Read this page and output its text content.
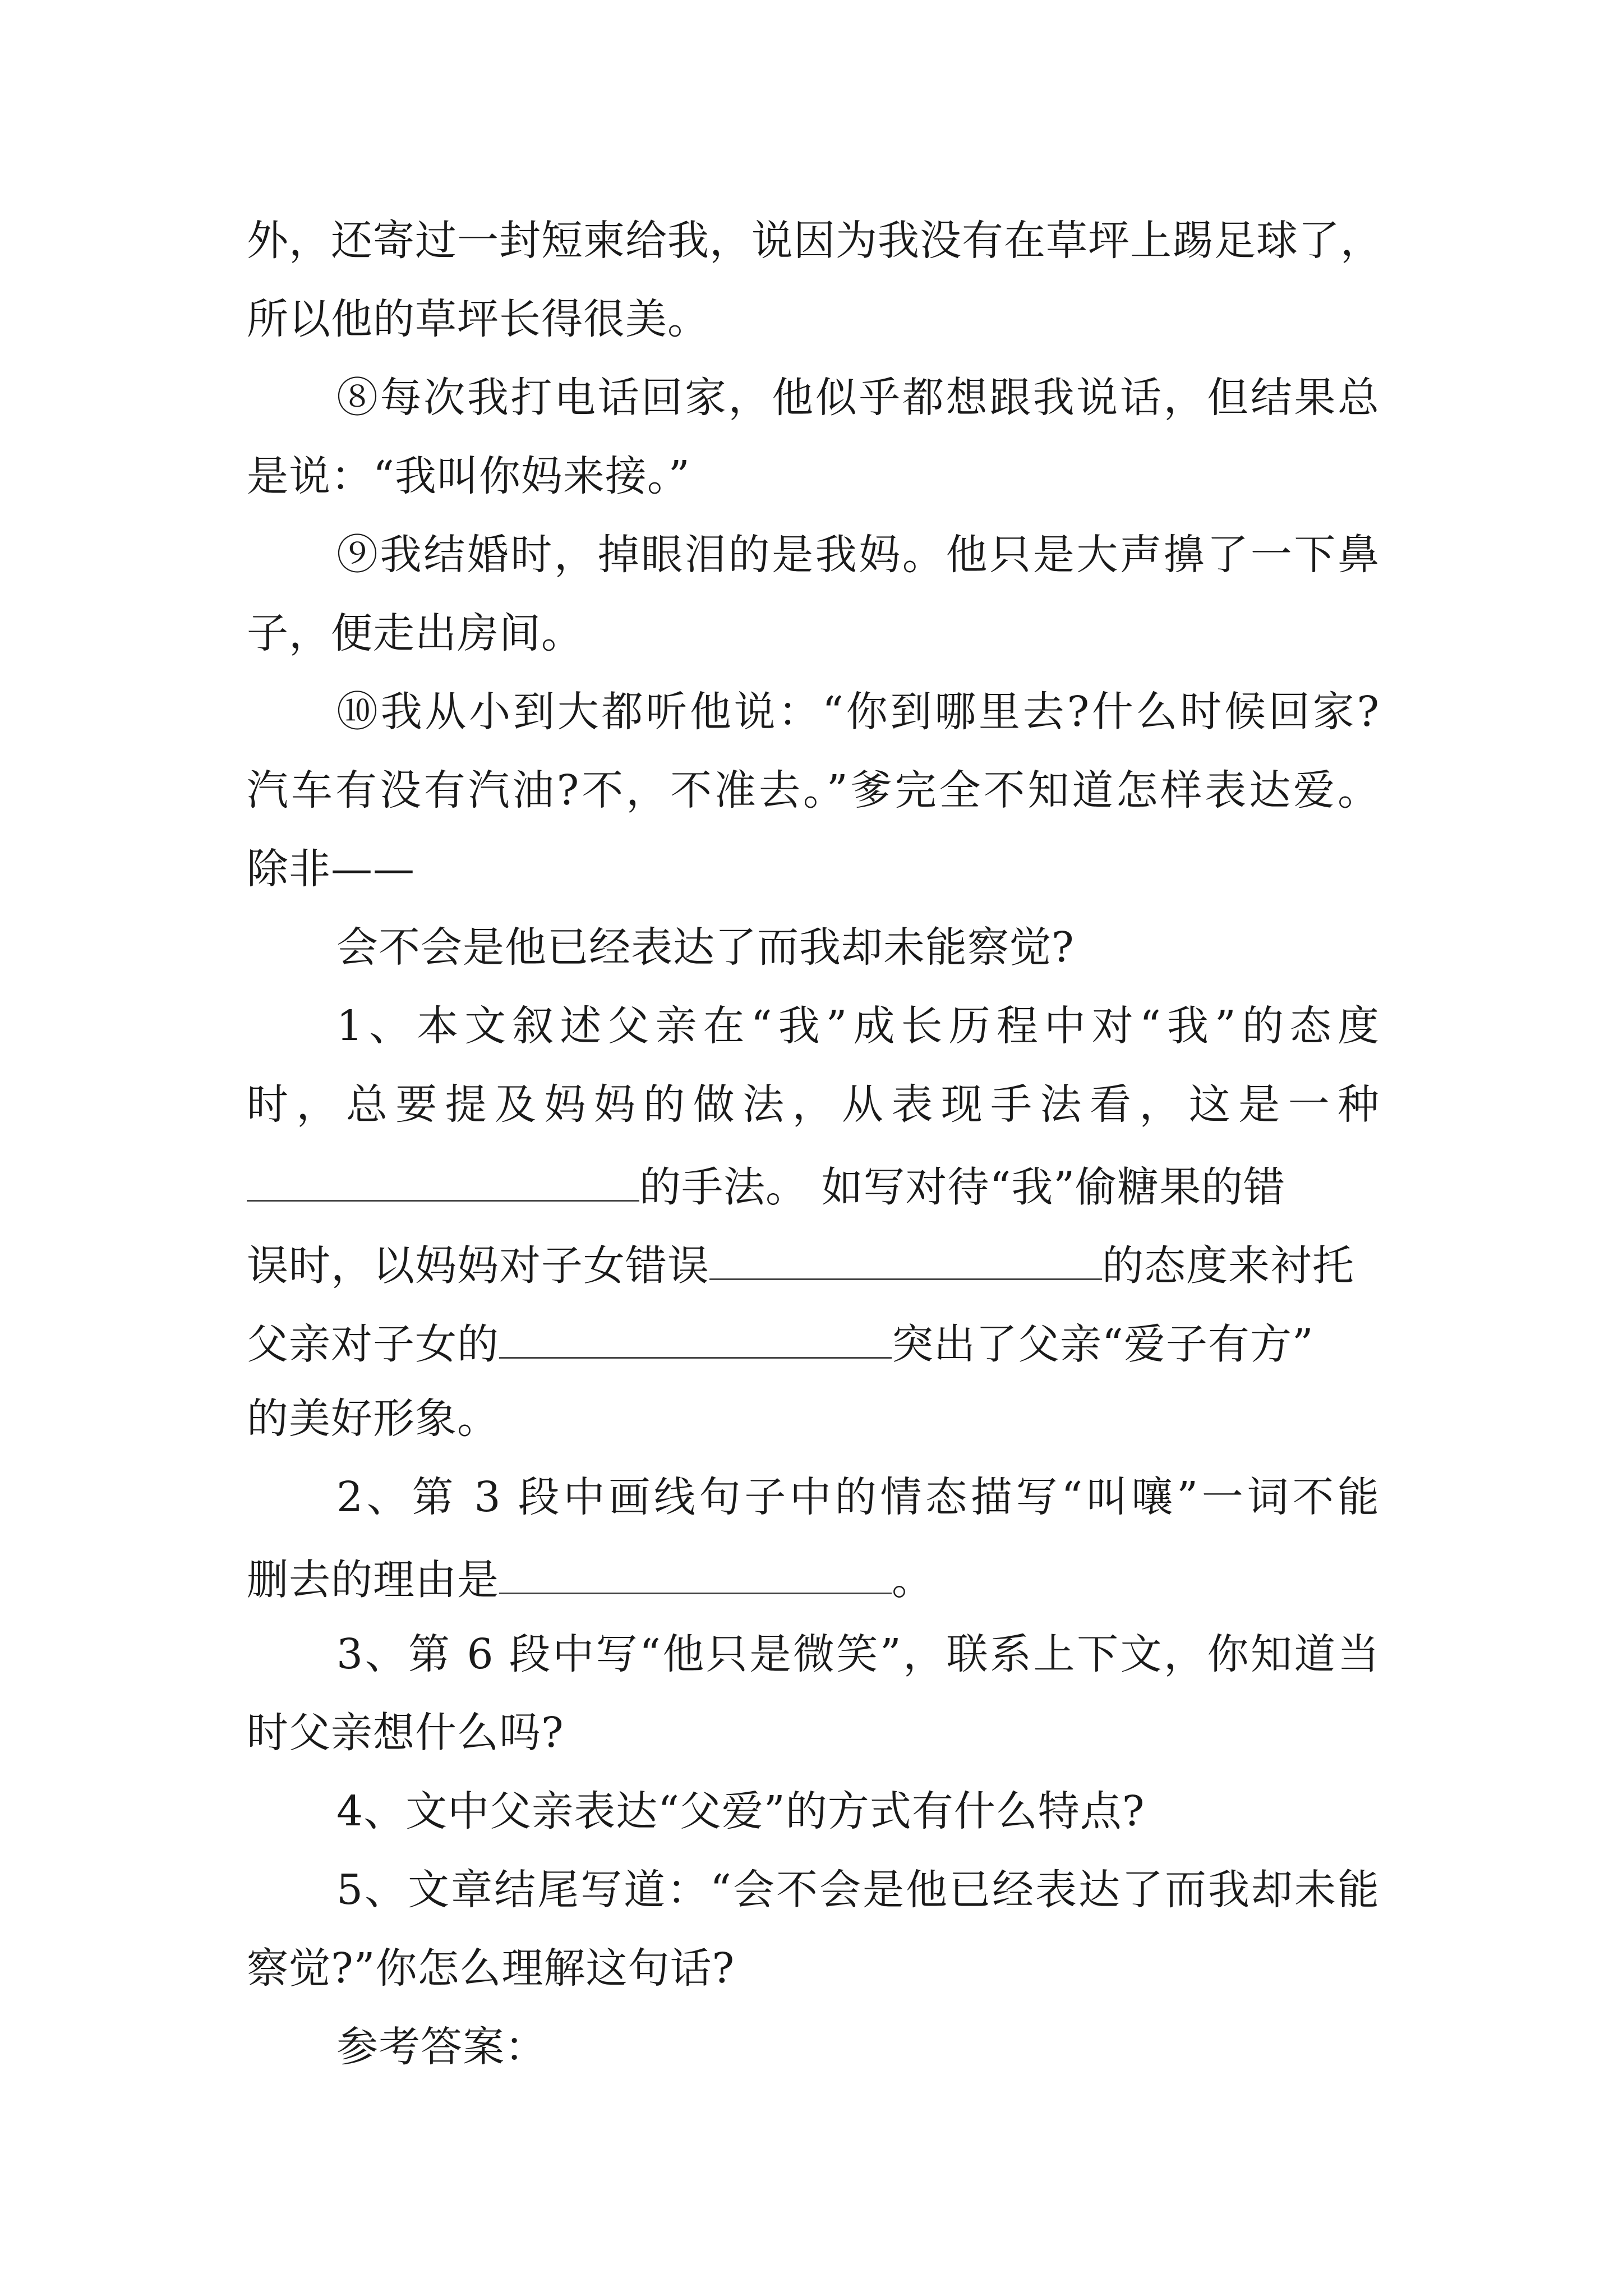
外，还寄过一封短柬给我，说因为我没有在草坪上踢足球了，
所以他的草坪长得很美。
⑧每次我打电话回家，他似乎都想跟我说话，但结果总
是说：“我叫你妈来接。”
⑨我结婚时，掉眼泪的是我妈。他只是大声擤了一下鼻
子，便走出房间。
⑩我从小到大都听他说：“你到哪里去?什么时候回家?
汽车有没有汽油?不，不准去。”爹完全不知道怎样表达爱。
除非——
会不会是他已经表达了而我却未能察觉?
1、本文叙述父亲在“我”成长历程中对“我”的态度
时，总要提及妈妈的做法，从表现手法看，这是一种
的手法。 如写对待“我”偷糖果的错
误时，以妈妈对子女错误	的态度来衬托
父亲对子女的	突出了父亲“爱子有方”
的美好形象。
2、第 3 段中画线句子中的情态描写“叫嚷”一词不能
删去的理由是	。
3、第 6 段中写“他只是微笑”，联系上下文，你知道当
时父亲想什么吗?
4、文中父亲表达“父爱”的方式有什么特点?
5、文章结尾写道：“会不会是他已经表达了而我却未能
察觉?”你怎么理解这句话?
参考答案：
